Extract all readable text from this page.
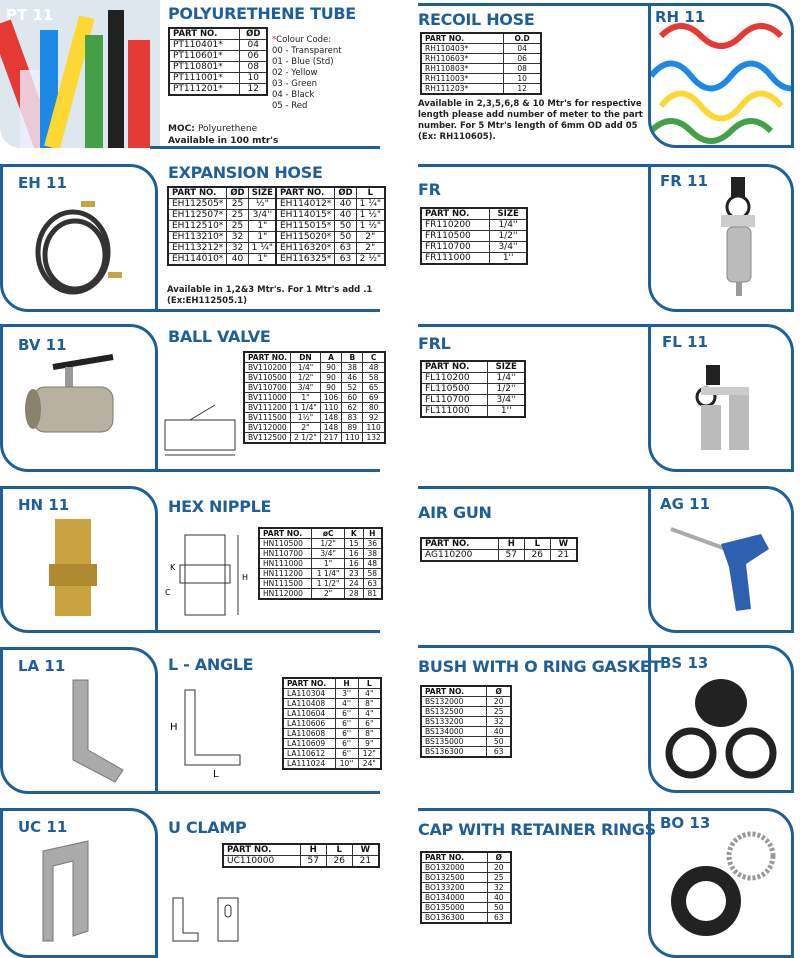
PT 11	POLYURETHENE TUBE
PART NO.	ØD
PT110401*	04
PT110601*	06
PT110801*	08
PT111001*	10
PT111201*	12
*Colour Code:
00 - Transparent
01 - Blue (Std)
02 - Yellow
03 - Green
04 - Black
05 - Red
MOC: Polyurethene
Available in 100 mtr's
RECOIL HOSE
PART NO.	O.D
RH110403*	04
RH110603*	06
RH110803*	08
RH111003*	10
RH111203*	12
Available in 2,3,5,6,8 & 10 Mtr's for respective length please add number of meter to the part number. For 5 Mtr's length of 6mm OD add 05 (Ex: RH110605).
RH 11
EH 11
EXPANSION HOSE
PART NO.	ØD	SIZE
EH112505*	25	½"
EH112507*	25	3/4''
EH112510*	25	1"
EH113210*	32	1"
EH113212*	32	1 ¼"
EH114010*	40	1"
PART NO.	ØD	L
EH114012*	40	1 ¼"
EH114015*	40	1 ½"
EH115015*	50	1 ½"
EH115020*	50	2"
EH116320*	63	2"
EH116325*	63	2 ½"
Available in 1,2&3 Mtr's. For 1 Mtr's add .1 (Ex:EH112505.1)
FR
PART NO.	SIZE
FR110200	1/4''
FR110500	1/2''
FR110700	3/4''
FR111000	1''
FR 11
BV 11	BALL VALVE
PART NO.	DN	A	B	C
BV110200	1/4"	90	38	48
BV110500	1/2"	90	46	58
BV110700	3/4"	90	52	65
BV111000	1"	106	60	69
BV111200	1 1/4"	110	62	80
BV111500	1½"	148	83	92
BV112000	2"	148	89	110
BV112500	2 1/2"	217	110	132
FRL
PART NO.	SIZE
FL110200	1/4''
FL110500	1/2''
FL110700	3/4''
FL111000	1''
FL 11
HN 11	HEX NIPPLE
K
C
H
PART NO.	øC	K	H
HN110500	1/2"	15	36
HN110700	3/4"	16	38
HN111000	1"	16	48
HN111200	1 1/4"	23	58
HN111500	1 1/2"	24	63
HN112000	2"	28	81
AIR GUN
PART NO.	H	L	W
AG110200	57	26	21
AG 11
LA 11	L - ANGLE
H
L
PART NO.	H	L
LA110304	3''	4"
LA110408	4''	8"
LA110604	6''	4"
LA110606	6''	6"
LA110608	6''	8"
LA110609	6''	9"
LA110612	6''	12"
LA111024	10''	24"
BUSH WITH O RING GASKET
PART NO.	Ø
BS132000	20
BS132500	25
BS133200	32
BS134000	40
BS135000	50
BS136300	63
BS 13
UC 11	U CLAMP
PART NO.	H	L	W
UC110000	57	26	21
CAP WITH RETAINER RINGS
PART NO.	Ø
BO132000	20
BO132500	25
BO133200	32
BO134000	40
BO135000	50
BO136300	63
BO 13
